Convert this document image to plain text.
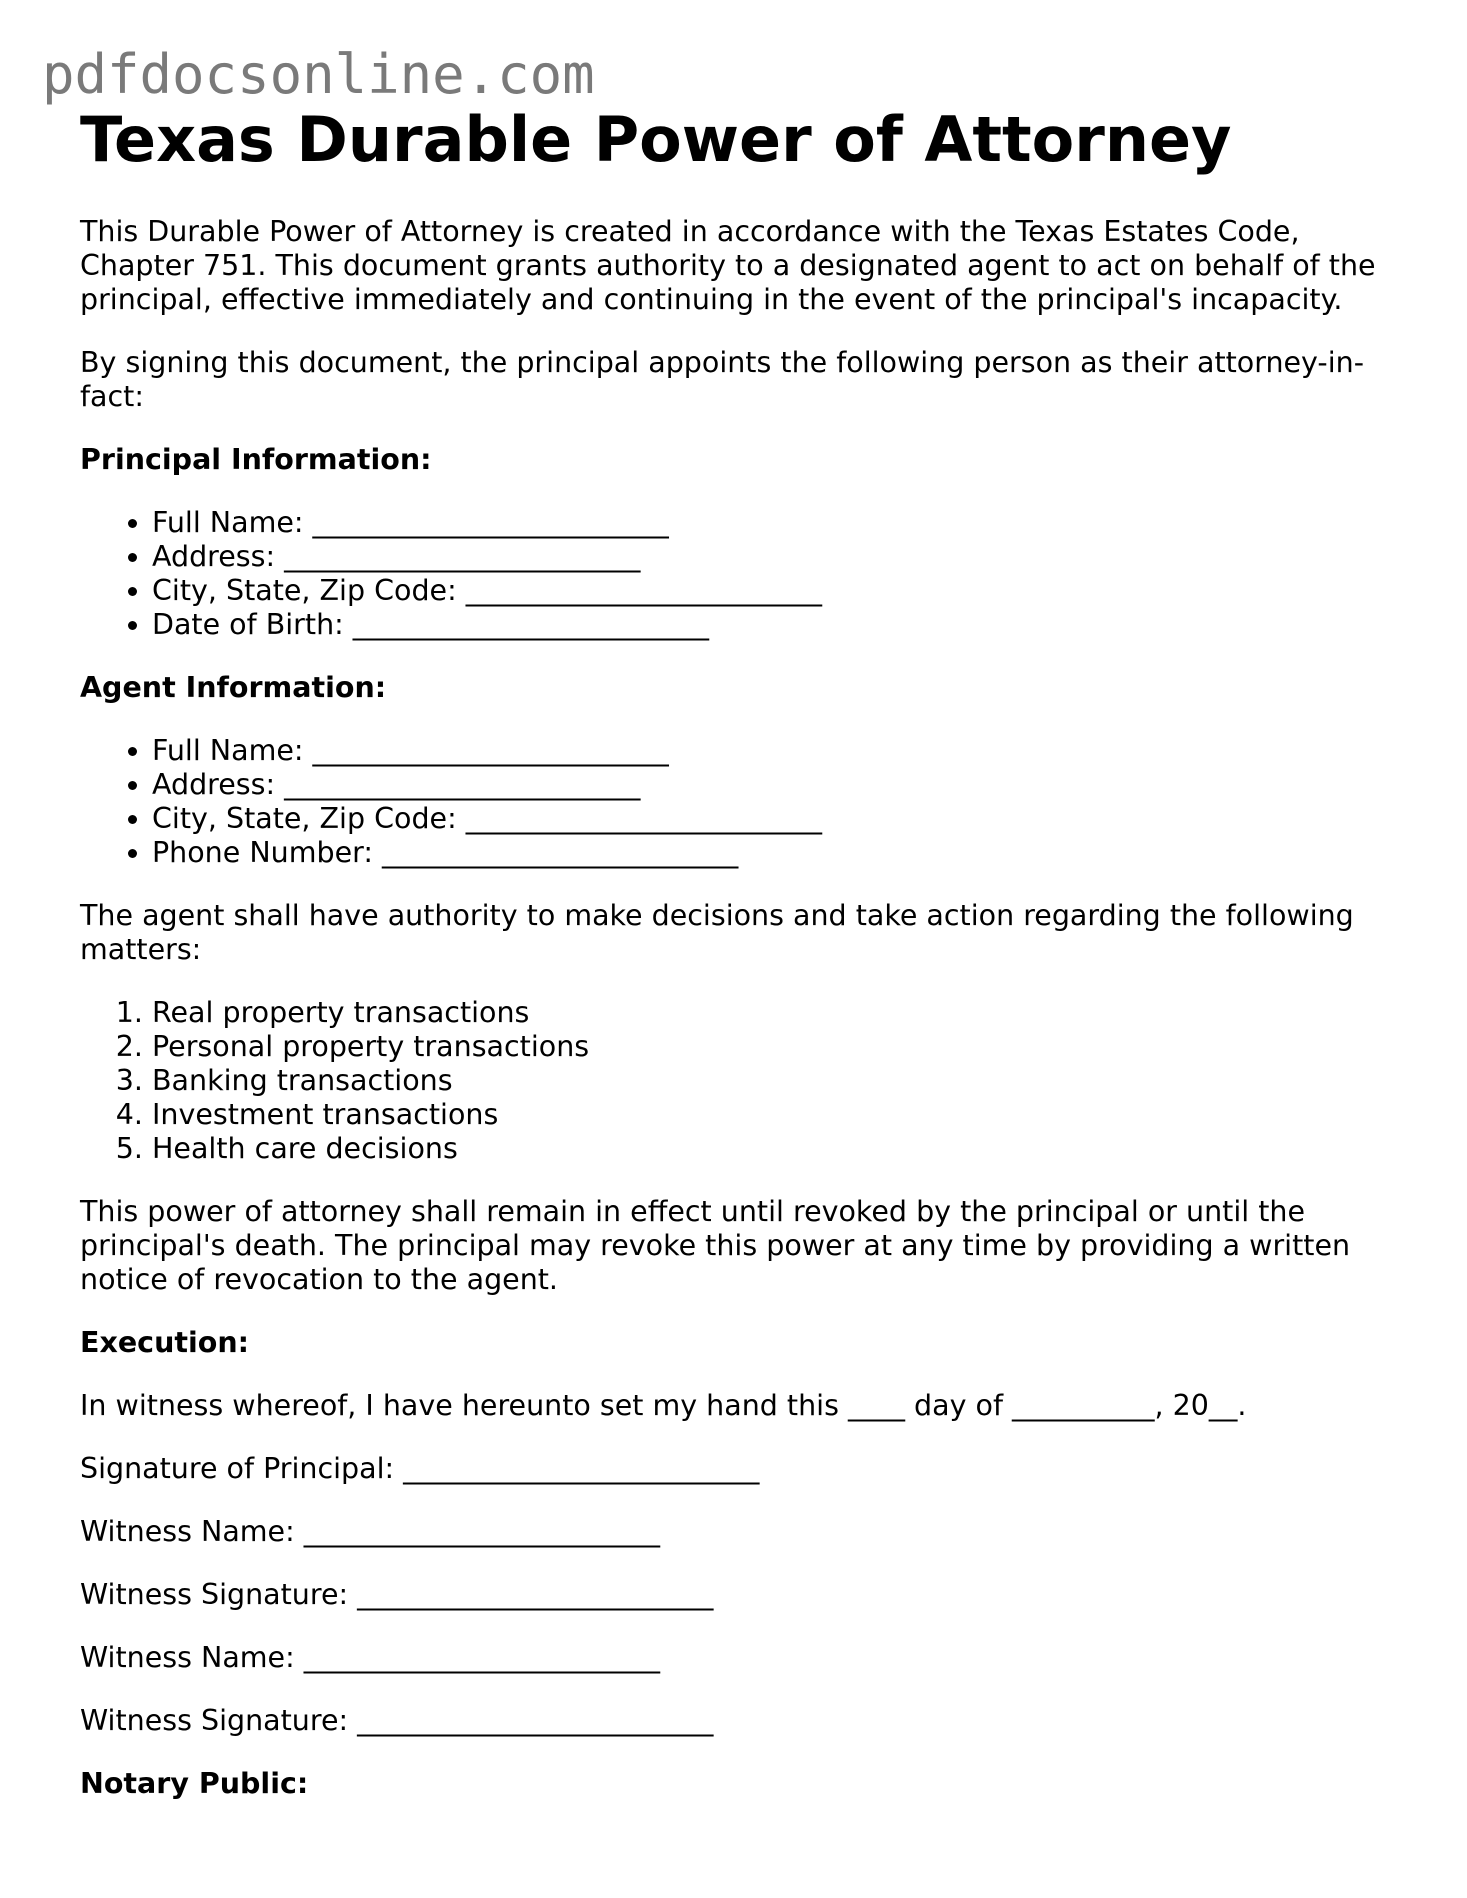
pdfdocsonline.com
Texas Durable Power of Attorney

This Durable Power of Attorney is created in accordance with the Texas Estates Code, Chapter 751. This document grants authority to a designated agent to act on behalf of the principal, effective immediately and continuing in the event of the principal's incapacity.

By signing this document, the principal appoints the following person as their attorney-in-fact:

Principal Information:

• Full Name: _________________________
• Address: _________________________
• City, State, Zip Code: _________________________
• Date of Birth: _________________________

Agent Information:

• Full Name: _________________________
• Address: _________________________
• City, State, Zip Code: _________________________
• Phone Number: _________________________

The agent shall have authority to make decisions and take action regarding the following matters:

1. Real property transactions
2. Personal property transactions
3. Banking transactions
4. Investment transactions
5. Health care decisions

This power of attorney shall remain in effect until revoked by the principal or until the principal's death. The principal may revoke this power at any time by providing a written notice of revocation to the agent.

Execution:

In witness whereof, I have hereunto set my hand this ____ day of __________, 20__.

Signature of Principal: _________________________

Witness Name: _________________________

Witness Signature: _________________________

Witness Name: _________________________

Witness Signature: _________________________

Notary Public:
